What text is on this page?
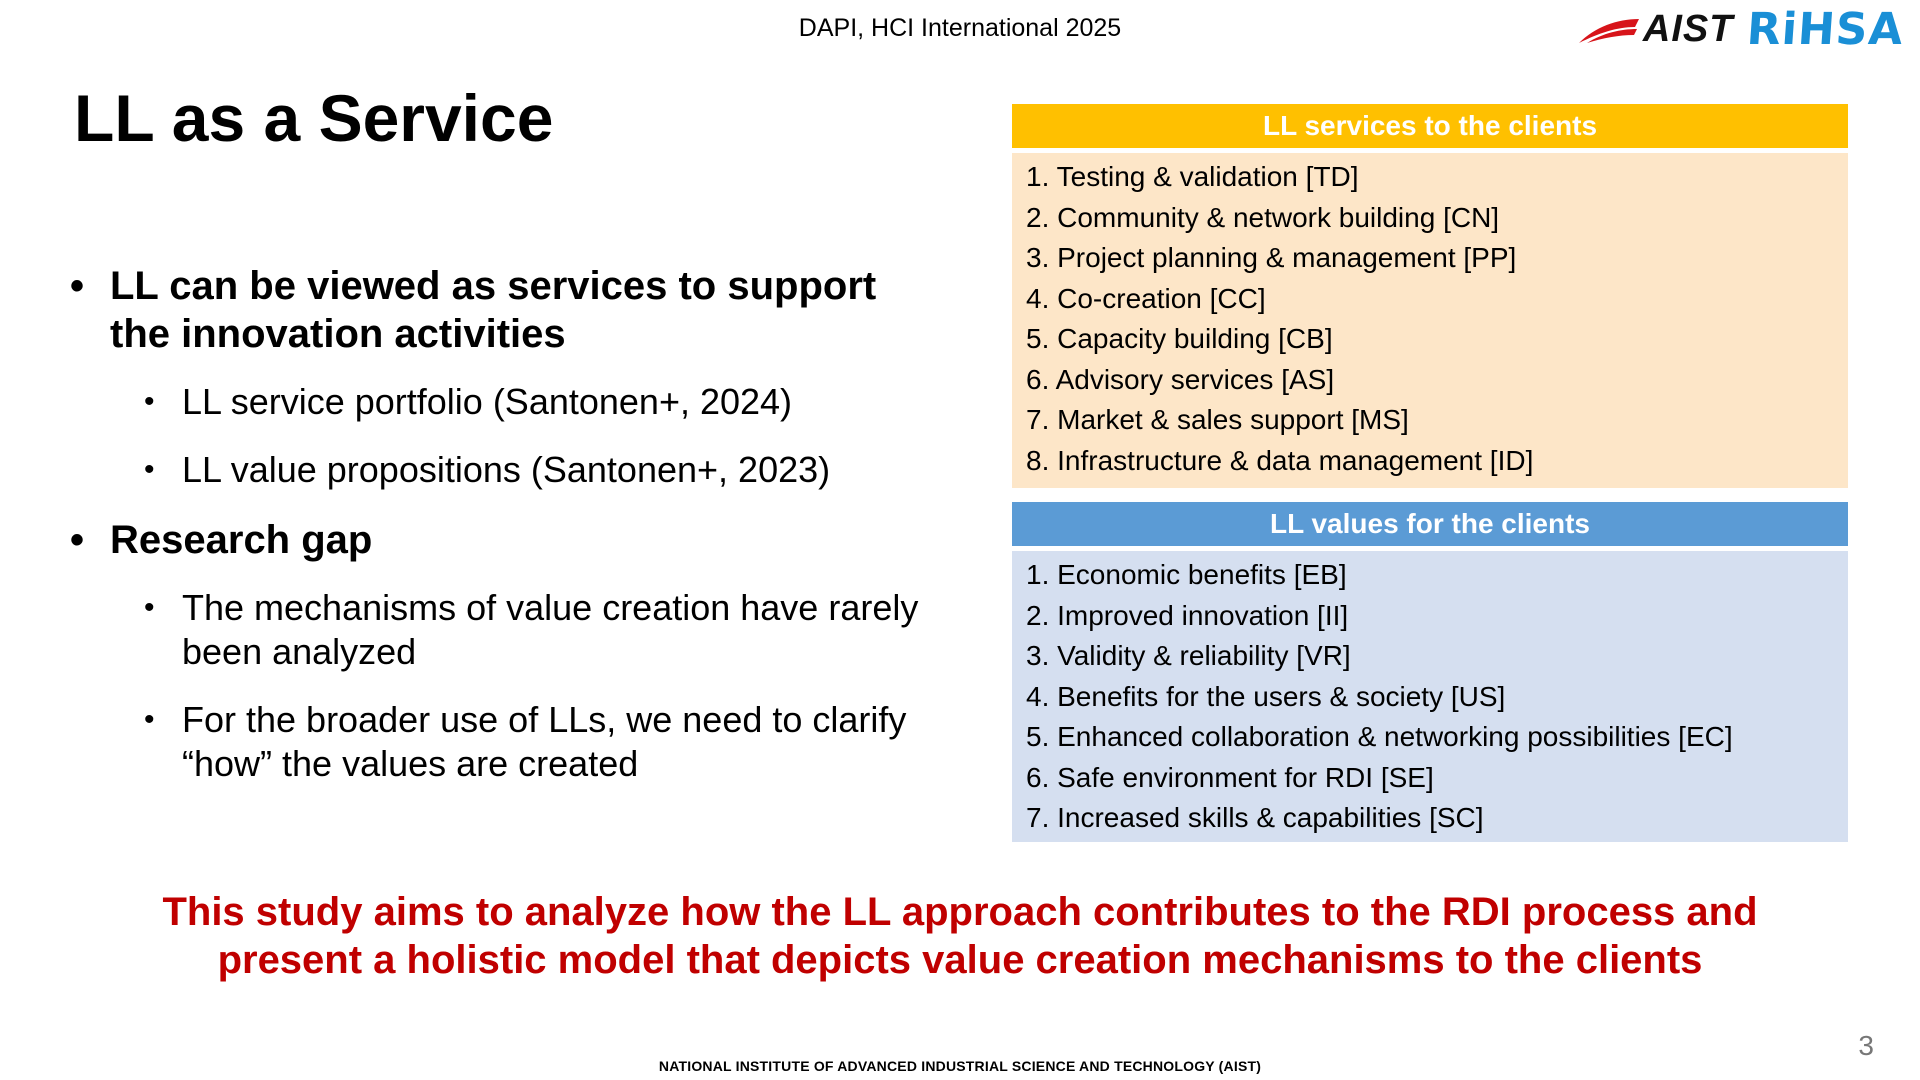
DAPI, HCI International 2025	AIST RiHSA
LL as a Service
• LL can be viewed as services to support the innovation activities
• LL service portfolio (Santonen+, 2024)
• LL value propositions (Santonen+, 2023)
• Research gap
• The mechanisms of value creation have rarely been analyzed
• For the broader use of LLs, we need to clarify “how” the values are created
LL services to the clients
1. Testing & validation [TD]
2. Community & network building [CN]
3. Project planning & management [PP]
4. Co-creation [CC]
5. Capacity building [CB]
6. Advisory services [AS]
7. Market & sales support [MS]
8. Infrastructure & data management [ID]
LL values for the clients
1. Economic benefits [EB]
2. Improved innovation [II]
3. Validity & reliability [VR]
4. Benefits for the users & society [US]
5. Enhanced collaboration & networking possibilities [EC]
6. Safe environment for RDI [SE]
7. Increased skills & capabilities [SC]
This study aims to analyze how the LL approach contributes to the RDI process and
present a holistic model that depicts value creation mechanisms to the clients
3
NATIONAL INSTITUTE OF ADVANCED INDUSTRIAL SCIENCE AND TECHNOLOGY (AIST)
